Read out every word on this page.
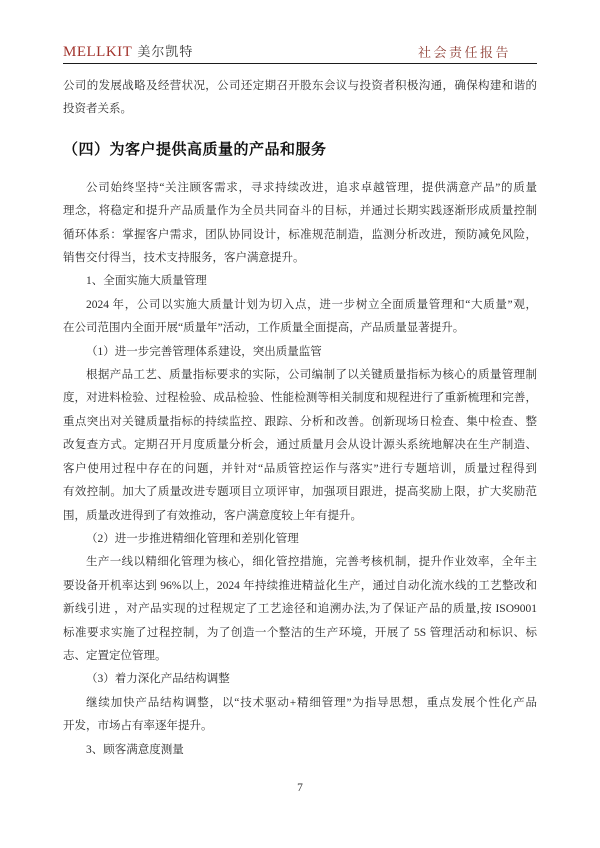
MELLKIT 美尔凯特	社会责任报告
公司的发展战略及经营状况，公司还定期召开股东会议与投资者积极沟通，确保构建和谐的
投资者关系。
（四）为客户提供高质量的产品和服务
公司始终坚持“关注顾客需求，寻求持续改进，追求卓越管理，提供满意产品”的质量
理念，将稳定和提升产品质量作为全员共同奋斗的目标，并通过长期实践逐渐形成质量控制
循环体系：掌握客户需求，团队协同设计，标准规范制造，监测分析改进，预防减免风险，
销售交付得当，技术支持服务，客户满意提升。
1、全面实施大质量管理
2024 年，公司以实施大质量计划为切入点，进一步树立全面质量管理和“大质量”观，
在公司范围内全面开展“质量年”活动，工作质量全面提高，产品质量显著提升。
（1）进一步完善管理体系建设，突出质量监管
根据产品工艺、质量指标要求的实际，公司编制了以关键质量指标为核心的质量管理制
度，对进料检验、过程检验、成品检验、性能检测等相关制度和规程进行了重新梳理和完善，
重点突出对关键质量指标的持续监控、跟踪、分析和改善。创新现场日检查、集中检查、整
改复查方式。定期召开月度质量分析会，通过质量月会从设计源头系统地解决在生产制造、
客户使用过程中存在的问题，并针对“品质管控运作与落实”进行专题培训，质量过程得到
有效控制。加大了质量改进专题项目立项评审，加强项目跟进，提高奖励上限，扩大奖励范
围，质量改进得到了有效推动，客户满意度较上年有提升。
（2）进一步推进精细化管理和差别化管理
生产一线以精细化管理为核心，细化管控措施，完善考核机制，提升作业效率，全年主
要设备开机率达到 96%以上，2024 年持续推进精益化生产，通过自动化流水线的工艺整改和
新线引进 ，对产品实现的过程规定了工艺途径和追溯办法,为了保证产品的质量,按 ISO9001
标准要求实施了过程控制，为了创造一个整洁的生产环境，开展了 5S 管理活动和标识、标
志、定置定位管理。
（3）着力深化产品结构调整
继续加快产品结构调整，以“技术驱动+精细管理”为指导思想，重点发展个性化产品
开发，市场占有率逐年提升。
3、顾客满意度测量
7
